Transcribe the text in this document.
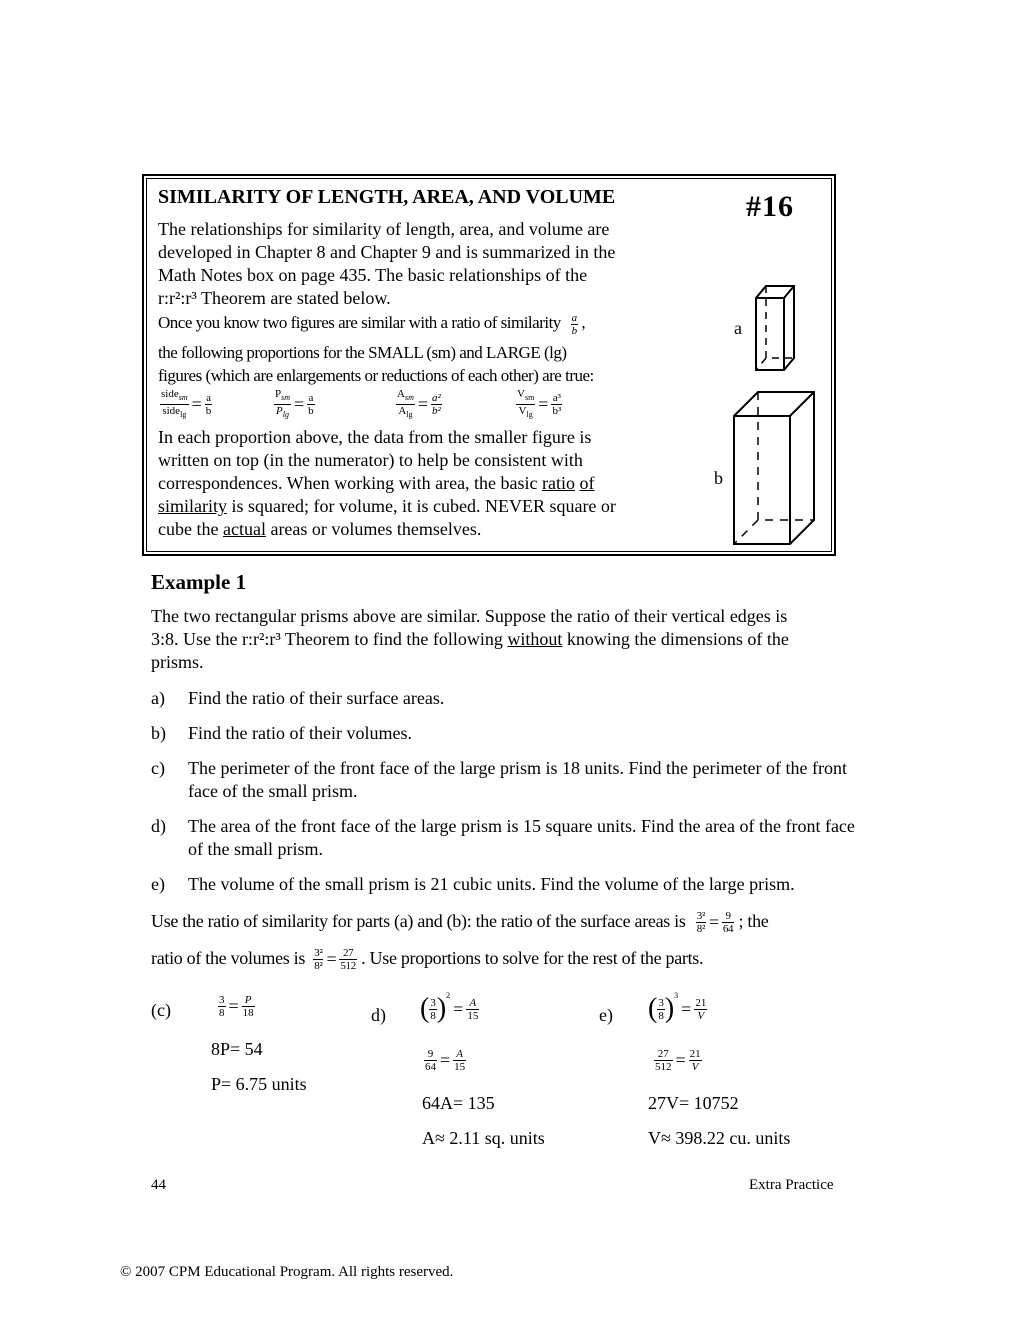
SIMILARITY OF LENGTH, AREA, AND VOLUME	#16
The relationships for similarity of length, area, and volume are
developed in Chapter 8 and Chapter 9 and is summarized in the
Math Notes box on page 435. The basic relationships of the
r:r²:r³ Theorem are stated below.
Once you know two figures are similar with a ratio of similarity $\frac{a}{b}$ ,
the following proportions for the SMALL (sm) and LARGE (lg)
figures (which are enlargements or reductions of each other) are true:
$\frac{side_{sm}}{side_{lg}} = \frac{a}{b}$	$\frac{P_{sm}}{P_{lg}} = \frac{a}{b}$	$\frac{A_{sm}}{A_{lg}} = \frac{\text{a²}}{\text{b²}}$	$\frac{V_{sm}}{V_{lg}} = \frac{\text{a³}}{\text{b³}}$
In each proportion above, the data from the smaller figure is
written on top (in the numerator) to help be consistent with
correspondences. When working with area, the basic ratio of
similarity is squared; for volume, it is cubed. NEVER square or
cube the actual areas or volumes themselves.
a
b
Example 1
The two rectangular prisms above are similar. Suppose the ratio of their vertical edges is
3:8. Use the r:r²:r³ Theorem to find the following without knowing the dimensions of the
prisms.
a) Find the ratio of their surface areas.
b) Find the ratio of their volumes.
c) The perimeter of the front face of the large prism is 18 units. Find the perimeter of the front face of the small prism.
d) The area of the front face of the large prism is 15 square units. Find the area of the front face of the small prism.
e) The volume of the small prism is 21 cubic units. Find the volume of the large prism.
Use the ratio of similarity for parts (a) and (b): the ratio of the surface areas is $\frac{\text{3²}}{\text{8²}} = \frac{9}{64}$ ; the
ratio of the volumes is $\frac{\text{3²}}{\text{8²}} = \frac{27}{512}$ . Use proportions to solve for the rest of the parts.
(c)	$\frac{3}{8} = \frac{P}{18}$
8P= 54
P= 6.75 units
d) ( $\frac{3}{8} )^2= \frac{A}{15}$
$\frac{9}{64} = \frac{A}{15}$
64A= 135
A≈ 2.11 sq. units
e) ( $\frac{3}{8} )^3= \frac{21}{V}$
$\frac{27}{512} = \frac{21}{V}$
27V= 10752
V≈ 398.22 cu. units
44	Extra Practice
© 2007 CPM Educational Program. All rights reserved.
